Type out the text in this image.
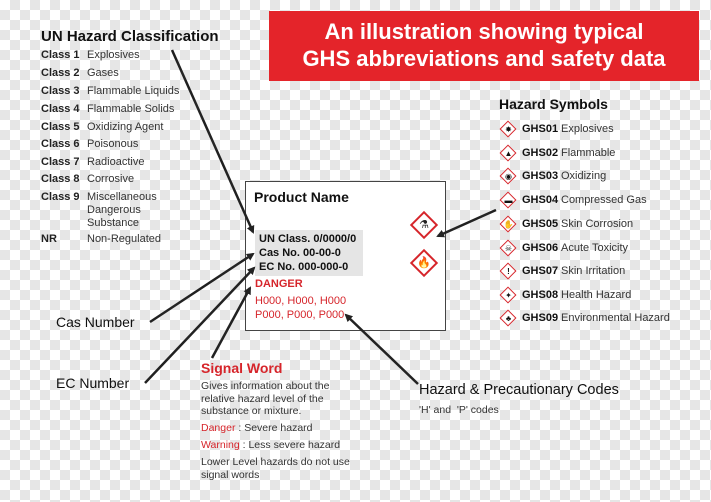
UN Hazard Classification
Class 1 Explosives
Class 2 Gases
Class 3 Flammable Liquids
Class 4 Flammable Solids
Class 5 Oxidizing Agent
Class 6 Poisonous
Class 7 Radioactive
Class 8 Corrosive
Class 9 Miscellaneous Dangerous Substance
NR	Non-Regulated
An illustration showing typical
GHS abbreviations and safety data
Product Name
UN Class. 0/0000/0
Cas No. 00-00-0
EC No. 000-000-0
DANGER
H000, H000, H000
P000, P000, P000
⚗
🔥
Hazard Symbols
✸ GHS01 Explosives
▲ GHS02 Flammable
◉ GHS03 Oxidizing
▬ GHS04 Compressed Gas
✋ GHS05 Skin Corrosion
☠ GHS06 Acute Toxicity
!	GHS07 Skin Irritation
✦ GHS08 Health Hazard
♣ GHS09 Environmental Hazard
Cas Number
EC Number	Hazard & Precautionary Codes
'H' and  'P' codes
Signal Word
Gives information about the relative hazard level of the substance or mixture.
Danger : Severe hazard
Warning : Less severe hazard
Lower Level hazards do not use signal words
